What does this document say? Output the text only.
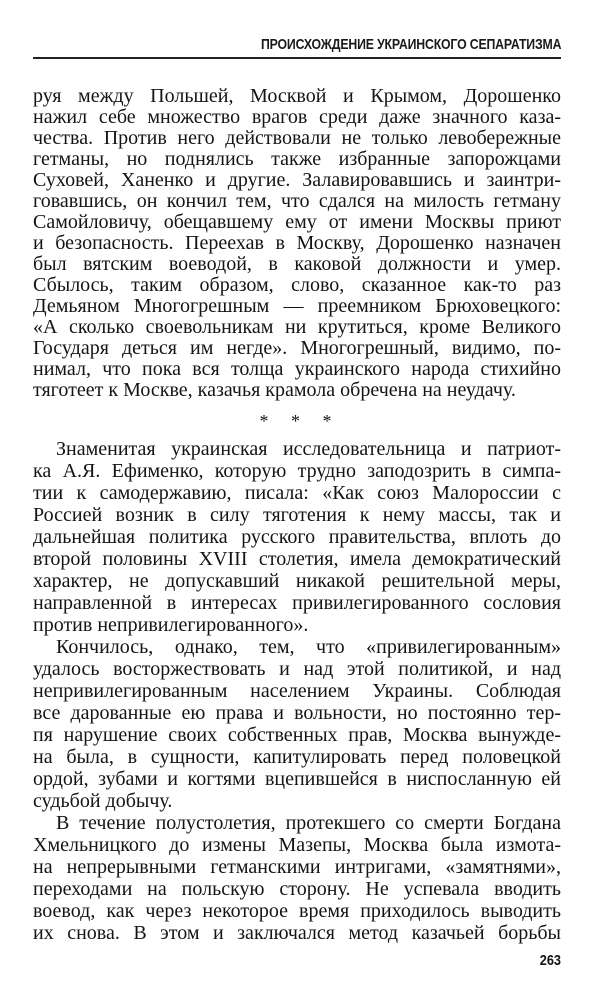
ПРОИСХОЖДЕНИЕ УКРАИНСКОГО СЕПАРАТИЗМА
руя между Польшей, Москвой и Крымом, Дорошенко
нажил себе множество врагов среди даже значного каза-
чества. Против него действовали не только левобережные
гетманы, но поднялись также избранные запорожцами
Суховей, Ханенко и другие. Залавировавшись и заинтри-
говавшись, он кончил тем, что сдался на милость гетману
Самойловичу, обещавшему ему от имени Москвы приют
и безопасность. Переехав в Москву, Дорошенко назначен
был вятским воеводой, в каковой должности и умер.
Сбылось, таким образом, слово, сказанное как-то раз
Демьяном Многогрешным — преемником Брюховецкого:
«А сколько своевольникам ни крутиться, кроме Великого
Государя деться им негде». Многогрешный, видимо, по-
нимал, что пока вся толща украинского народа стихийно
тяготеет к Москве, казачья крамола обречена на неудачу.
* * *
Знаменитая украинская исследовательница и патриот-
ка А.Я. Ефименко, которую трудно заподозрить в симпа-
тии к самодержавию, писала: «Как союз Малороссии с
Россией возник в силу тяготения к нему массы, так и
дальнейшая политика русского правительства, вплоть до
второй половины XVIII столетия, имела демократический
характер, не допускавший никакой решительной меры,
направленной в интересах привилегированного сословия
против непривилегированного».
Кончилось, однако, тем, что «привилегированным»
удалось восторжествовать и над этой политикой, и над
непривилегированным населением Украины. Соблюдая
все дарованные ею права и вольности, но постоянно тер-
пя нарушение своих собственных прав, Москва вынужде-
на была, в сущности, капитулировать перед половецкой
ордой, зубами и когтями вцепившейся в ниспосланную ей
судьбой добычу.
В течение полустолетия, протекшего со смерти Богдана
Хмельницкого до измены Мазепы, Москва была измота-
на непрерывными гетманскими интригами, «замятнями»,
переходами на польскую сторону. Не успевала вводить
воевод, как через некоторое время приходилось выводить
их снова. В этом и заключался метод казачьей борьбы
263
